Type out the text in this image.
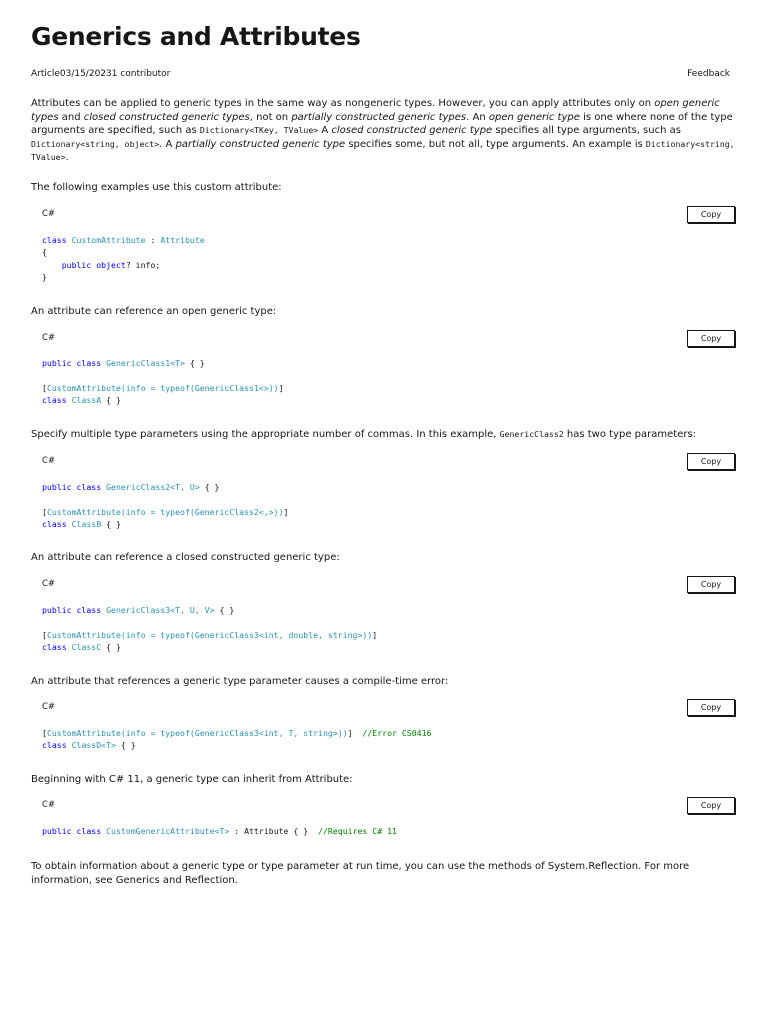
Generics and Attributes
Article03/15/20231 contributor	Feedback

Attributes can be applied to generic types in the same way as nongeneric types. However, you can apply attributes only on open generic types and closed constructed generic types, not on partially constructed generic types. An open generic type is one where none of the type arguments are specified, such as Dictionary<TKey, TValue> A closed constructed generic type specifies all type arguments, such as Dictionary<string, object>. A partially constructed generic type specifies some, but not all, type arguments. An example is Dictionary<string, TValue>.

The following examples use this custom attribute:

C#	Copy
class CustomAttribute : Attribute
{
public object? info;
}

An attribute can reference an open generic type:

C#	Copy
public class GenericClass1<T> { }

[CustomAttribute(info = typeof(GenericClass1<>))]
class ClassA { }

Specify multiple type parameters using the appropriate number of commas. In this example, GenericClass2 has two type parameters:

C#	Copy
public class GenericClass2<T, U> { }

[CustomAttribute(info = typeof(GenericClass2<,>))]
class ClassB { }

An attribute can reference a closed constructed generic type:

C#	Copy
public class GenericClass3<T, U, V> { }

[CustomAttribute(info = typeof(GenericClass3<int, double, string>))]
class ClassC { }

An attribute that references a generic type parameter causes a compile-time error:

C#	Copy
[CustomAttribute(info = typeof(GenericClass3<int, T, string>))]  //Error CS0416
class ClassD<T> { }

Beginning with C# 11, a generic type can inherit from Attribute:

C#	Copy
public class CustomGenericAttribute<T> : Attribute { }  //Requires C# 11

To obtain information about a generic type or type parameter at run time, you can use the methods of System.Reflection. For more information, see Generics and Reflection.
